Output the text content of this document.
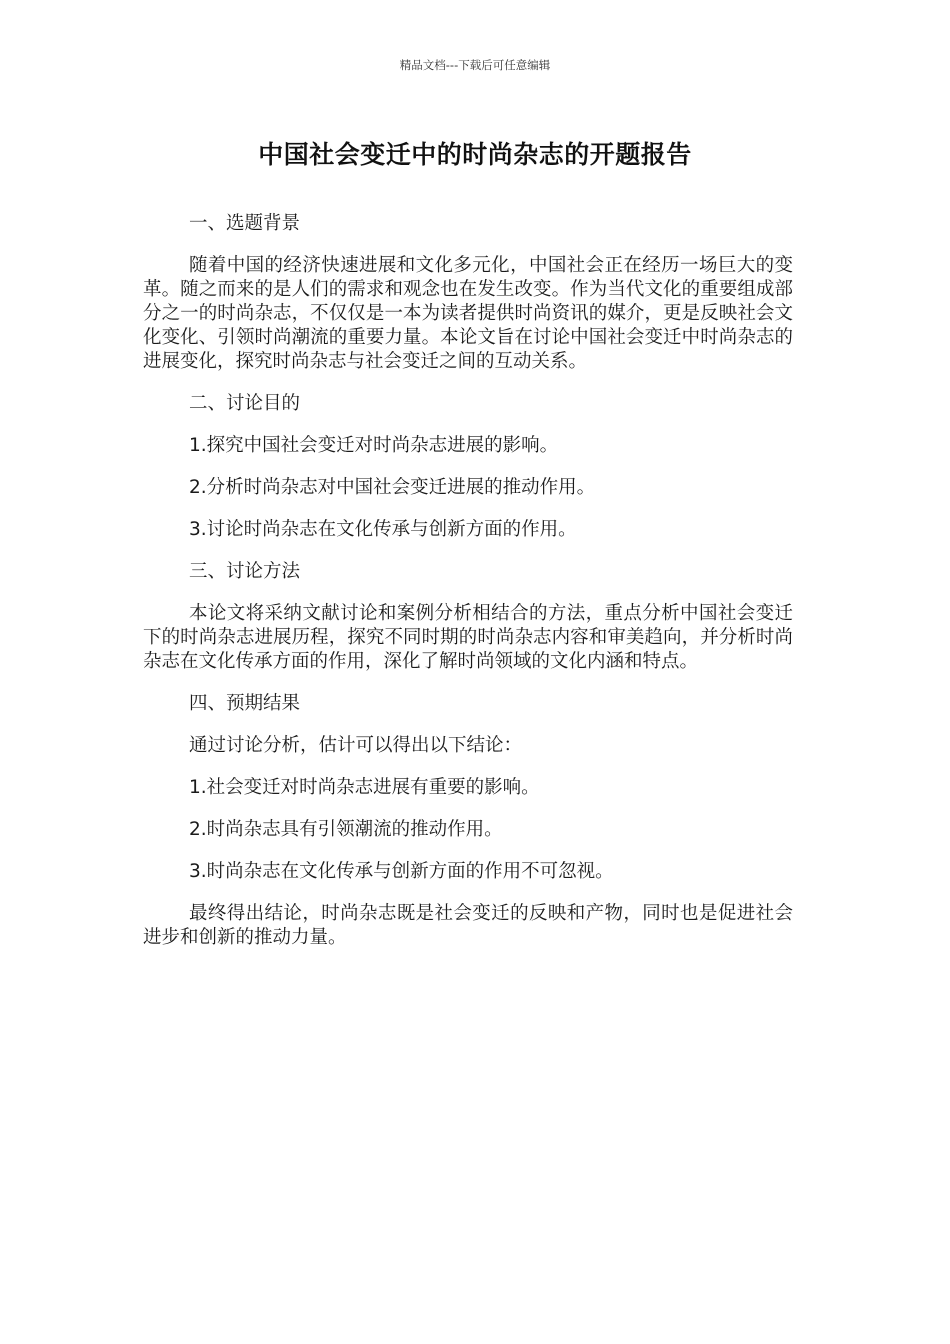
精品文档---下载后可任意编辑
中国社会变迁中的时尚杂志的开题报告

一、选题背景

随着中国的经济快速进展和文化多元化，中国社会正在经历一场巨大的变革。随之而来的是人们的需求和观念也在发生改变。作为当代文化的重要组成部分之一的时尚杂志，不仅仅是一本为读者提供时尚资讯的媒介，更是反映社会文化变化、引领时尚潮流的重要力量。本论文旨在讨论中国社会变迁中时尚杂志的进展变化，探究时尚杂志与社会变迁之间的互动关系。

二、讨论目的

1.探究中国社会变迁对时尚杂志进展的影响。

2.分析时尚杂志对中国社会变迁进展的推动作用。

3.讨论时尚杂志在文化传承与创新方面的作用。

三、讨论方法

本论文将采纳文献讨论和案例分析相结合的方法，重点分析中国社会变迁下的时尚杂志进展历程，探究不同时期的时尚杂志内容和审美趋向，并分析时尚杂志在文化传承方面的作用，深化了解时尚领域的文化内涵和特点。

四、预期结果

通过讨论分析，估计可以得出以下结论：

1.社会变迁对时尚杂志进展有重要的影响。

2.时尚杂志具有引领潮流的推动作用。

3.时尚杂志在文化传承与创新方面的作用不可忽视。

最终得出结论，时尚杂志既是社会变迁的反映和产物，同时也是促进社会进步和创新的推动力量。
